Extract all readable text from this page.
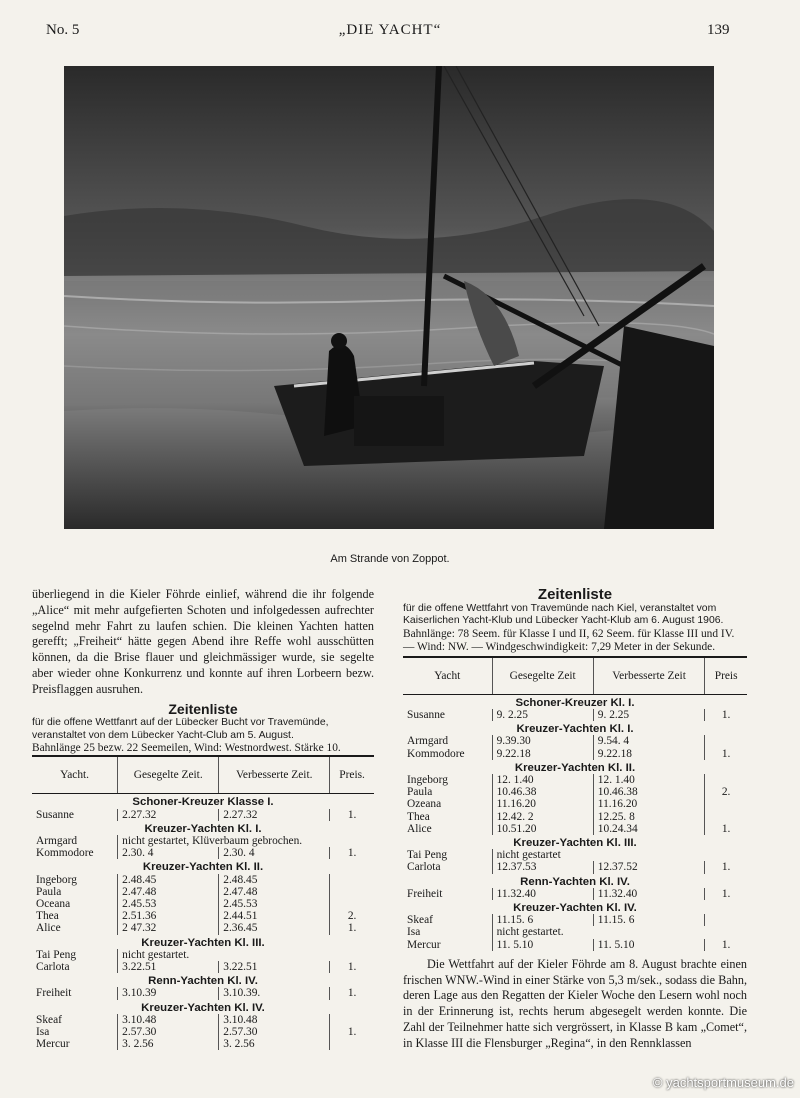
No. 5	„DIE YACHT“	139
Am Strande von Zoppot.

überliegend in die Kieler Föhrde einlief, während die ihr folgende „Alice“ mit mehr aufgefierten Schoten und infolgedessen aufrechter segelnd mehr Fahrt zu laufen schien. Die kleinen Yachten hatten gerefft; „Freiheit“ hätte gegen Abend ihre Reffe wohl ausschütten können, da die Brise flauer und gleichmässiger wurde, sie segelte aber wieder ohne Konkurrenz und konnte auf ihren Lorbeern bezw. Preisflaggen ausruhen.

Zeitenliste

für die offene Wettfanrt auf der Lübecker Bucht vor Travemünde, veranstaltet von dem Lübecker Yacht-Club am 5. August.

Bahnlänge 25 bezw. 22 Seemeilen, Wind: Westnordwest. Stärke 10.

Yacht.	Gesegelte Zeit.	Verbesserte Zeit.	Preis.
Schoner-Kreuzer Klasse I.			
Susanne	2.27.32	2.27.32	1.
Kreuzer-Yachten Kl. I.			
Armgard	nicht gestartet, Klüverbaum gebrochen.		
Kommodore	2.30. 4	2.30. 4	1.
Kreuzer-Yachten Kl. II.			
Ingeborg	2.48.45	2.48.45	
Paula	2.47.48	2.47.48	
Oceana	2.45.53	2.45.53	
Thea	2.51.36	2.44.51	2.
Alice	2 47.32	2.36.45	1.
Kreuzer-Yachten Kl. III.			
Tai Peng	nicht gestartet.		
Carlota	3.22.51	3.22.51	1.
Renn-Yachten Kl. IV.			
Freiheit	3.10.39	3.10.39.	1.
Kreuzer-Yachten Kl. IV.			
Skeaf	3.10.48	3.10.48	
Isa	2.57.30	2.57.30	1.
Mercur	3. 2.56	3. 2.56	

Zeitenliste

für die offene Wettfahrt von Travemünde nach Kiel, veranstaltet vom Kaiserlichen Yacht-Klub und Lübecker Yacht-Klub am 6. August 1906.

Bahnlänge: 78 Seem. für Klasse I und II, 62 Seem. für Klasse III und IV. — Wind: NW. — Windgeschwindigkeit: 7,29 Meter in der Sekunde.

Yacht	Gesegelte Zeit	Verbesserte Zeit	Preis
Schoner-Kreuzer Kl. I.			
Susanne	9. 2.25	9. 2.25	1.
Kreuzer-Yachten Kl. I.			
Armgard	9.39.30	9.54. 4	
Kommodore	9.22.18	9.22.18	1.
Kreuzer-Yachten Kl. II.			
Ingeborg	12. 1.40	12. 1.40	
Paula	10.46.38	10.46.38	2.
Ozeana	11.16.20	11.16.20	
Thea	12.42. 2	12.25. 8	
Alice	10.51.20	10.24.34	1.
Kreuzer-Yachten Kl. III.			
Tai Peng	nicht gestartet		
Carlota	12.37.53	12.37.52	1.
Renn-Yachten Kl. IV.			
Freiheit	11.32.40	11.32.40	1.
Kreuzer-Yachten Kl. IV.			
Skeaf	11.15. 6	11.15. 6	
Isa	nicht gestartet.		
Mercur	11. 5.10	11. 5.10	1.

Die Wettfahrt auf der Kieler Föhrde am 8. August brachte einen frischen WNW.-Wind in einer Stärke von 5,3 m/sek., sodass die Bahn, deren Lage aus den Regatten der Kieler Woche den Lesern wohl noch in der Erinnerung ist, rechts herum abgesegelt werden konnte. Die Zahl der Teilnehmer hatte sich vergrössert, in Klasse B kam „Comet“, in Klasse III die Flensburger „Regina“, in den Rennklassen

© yachtsportmuseum.de
